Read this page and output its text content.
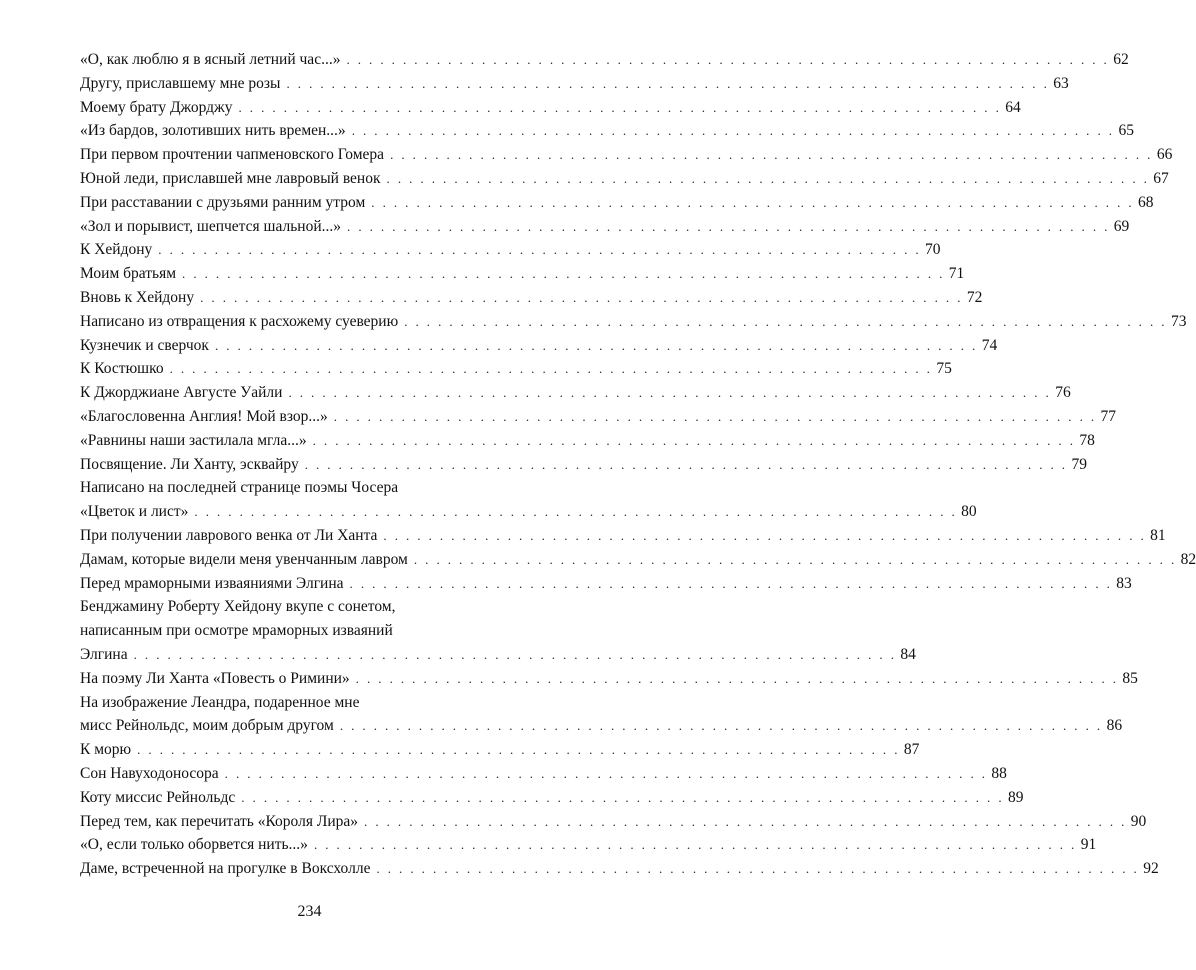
«О, как люблю я в ясный летний час...» . . . . . . . . . . . . . . . . . . . . . . . . . . . . . . . . . . . . . . . . . . . . . . . . . . . . . . . . . . . . . . . . . . . . 62
Другу, приславшему мне розы . . . . . . . . . . . . . . . . . . . . . . . . . . . . . . . . . . . . . . . . . . . . . . . . . . . . . . . . . . . . . . . . . . . . 63
Моему брату Джорджу . . . . . . . . . . . . . . . . . . . . . . . . . . . . . . . . . . . . . . . . . . . . . . . . . . . . . . . . . . . . . . . . . . . . 64
«Из бардов, золотивших нить времен...» . . . . . . . . . . . . . . . . . . . . . . . . . . . . . . . . . . . . . . . . . . . . . . . . . . . . . . . . . . . . . . . . . . . . 65
При первом прочтении чапменовского Гомера . . . . . . . . . . . . . . . . . . . . . . . . . . . . . . . . . . . . . . . . . . . . . . . . . . . . . . . . . . . . . . . . . . . . 66
Юной леди, приславшей мне лавровый венок . . . . . . . . . . . . . . . . . . . . . . . . . . . . . . . . . . . . . . . . . . . . . . . . . . . . . . . . . . . . . . . . . . . . 67
При расставании с друзьями ранним утром . . . . . . . . . . . . . . . . . . . . . . . . . . . . . . . . . . . . . . . . . . . . . . . . . . . . . . . . . . . . . . . . . . . . 68
«Зол и порывист, шепчется шальной...» . . . . . . . . . . . . . . . . . . . . . . . . . . . . . . . . . . . . . . . . . . . . . . . . . . . . . . . . . . . . . . . . . . . . 69
К Хейдону . . . . . . . . . . . . . . . . . . . . . . . . . . . . . . . . . . . . . . . . . . . . . . . . . . . . . . . . . . . . . . . . . . . . 70
Моим братьям . . . . . . . . . . . . . . . . . . . . . . . . . . . . . . . . . . . . . . . . . . . . . . . . . . . . . . . . . . . . . . . . . . . . 71
Вновь к Хейдону . . . . . . . . . . . . . . . . . . . . . . . . . . . . . . . . . . . . . . . . . . . . . . . . . . . . . . . . . . . . . . . . . . . . 72
Написано из отвращения к расхожему суеверию . . . . . . . . . . . . . . . . . . . . . . . . . . . . . . . . . . . . . . . . . . . . . . . . . . . . . . . . . . . . . . . . . . . . 73
Кузнечик и сверчок . . . . . . . . . . . . . . . . . . . . . . . . . . . . . . . . . . . . . . . . . . . . . . . . . . . . . . . . . . . . . . . . . . . . 74
К Костюшко . . . . . . . . . . . . . . . . . . . . . . . . . . . . . . . . . . . . . . . . . . . . . . . . . . . . . . . . . . . . . . . . . . . . 75
К Джорджиане Августе Уайли . . . . . . . . . . . . . . . . . . . . . . . . . . . . . . . . . . . . . . . . . . . . . . . . . . . . . . . . . . . . . . . . . . . . 76
«Благословенна Англия! Мой взор...» . . . . . . . . . . . . . . . . . . . . . . . . . . . . . . . . . . . . . . . . . . . . . . . . . . . . . . . . . . . . . . . . . . . . 77
«Равнины наши застилала мгла...» . . . . . . . . . . . . . . . . . . . . . . . . . . . . . . . . . . . . . . . . . . . . . . . . . . . . . . . . . . . . . . . . . . . . 78
Посвящение. Ли Ханту, эсквайру . . . . . . . . . . . . . . . . . . . . . . . . . . . . . . . . . . . . . . . . . . . . . . . . . . . . . . . . . . . . . . . . . . . . 79
Написано на последней странице поэмы Чосера
«Цветок и лист» . . . . . . . . . . . . . . . . . . . . . . . . . . . . . . . . . . . . . . . . . . . . . . . . . . . . . . . . . . . . . . . . . . . . 80
При получении лаврового венка от Ли Ханта . . . . . . . . . . . . . . . . . . . . . . . . . . . . . . . . . . . . . . . . . . . . . . . . . . . . . . . . . . . . . . . . . . . . 81
Дамам, которые видели меня увенчанным лавром . . . . . . . . . . . . . . . . . . . . . . . . . . . . . . . . . . . . . . . . . . . . . . . . . . . . . . . . . . . . . . . . . . . . 82
Перед мраморными изваяниями Элгина . . . . . . . . . . . . . . . . . . . . . . . . . . . . . . . . . . . . . . . . . . . . . . . . . . . . . . . . . . . . . . . . . . . . 83
Бенджамину Роберту Хейдону вкупе с сонетом,
написанным при осмотре мраморных изваяний
Элгина . . . . . . . . . . . . . . . . . . . . . . . . . . . . . . . . . . . . . . . . . . . . . . . . . . . . . . . . . . . . . . . . . . . . 84
На поэму Ли Ханта «Повесть о Римини» . . . . . . . . . . . . . . . . . . . . . . . . . . . . . . . . . . . . . . . . . . . . . . . . . . . . . . . . . . . . . . . . . . . . 85
На изображение Леандра, подаренное мне
мисс Рейнольдс, моим добрым другом . . . . . . . . . . . . . . . . . . . . . . . . . . . . . . . . . . . . . . . . . . . . . . . . . . . . . . . . . . . . . . . . . . . . 86
К морю . . . . . . . . . . . . . . . . . . . . . . . . . . . . . . . . . . . . . . . . . . . . . . . . . . . . . . . . . . . . . . . . . . . . 87
Сон Навуходоносора . . . . . . . . . . . . . . . . . . . . . . . . . . . . . . . . . . . . . . . . . . . . . . . . . . . . . . . . . . . . . . . . . . . . 88
Коту миссис Рейнольдс . . . . . . . . . . . . . . . . . . . . . . . . . . . . . . . . . . . . . . . . . . . . . . . . . . . . . . . . . . . . . . . . . . . . 89
Перед тем, как перечитать «Короля Лира» . . . . . . . . . . . . . . . . . . . . . . . . . . . . . . . . . . . . . . . . . . . . . . . . . . . . . . . . . . . . . . . . . . . . 90
«О, если только оборвется нить...» . . . . . . . . . . . . . . . . . . . . . . . . . . . . . . . . . . . . . . . . . . . . . . . . . . . . . . . . . . . . . . . . . . . . 91
Даме, встреченной на прогулке в Воксхолле . . . . . . . . . . . . . . . . . . . . . . . . . . . . . . . . . . . . . . . . . . . . . . . . . . . . . . . . . . . . . . . . . . . . 92
234
